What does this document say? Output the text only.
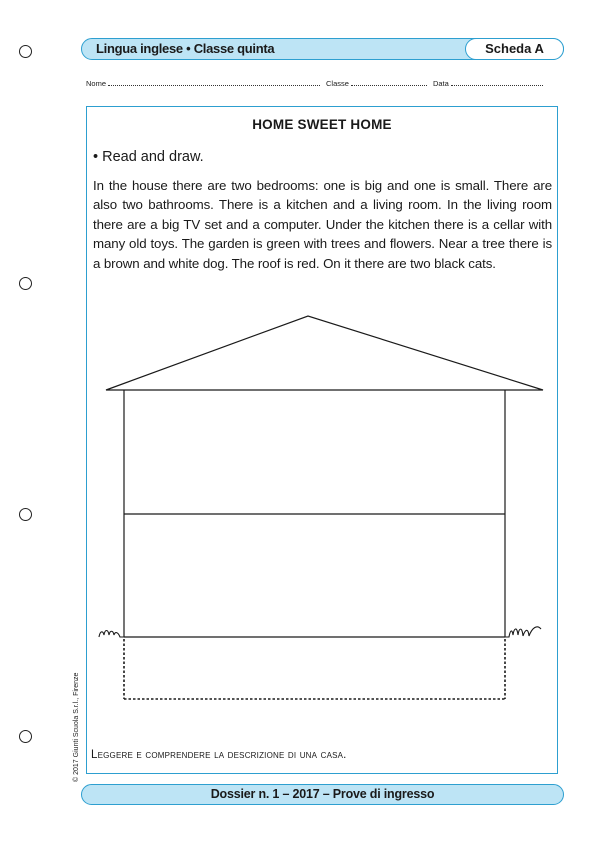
Lingua inglese • Classe quinta	Scheda A
Nome	Classe	Data
HOME SWEET HOME
• Read and draw.
In the house there are two bedrooms: one is big and one is small. There are also two bathrooms. There is a kitchen and a living room. In the living room there are a big TV set and a computer. Under the kitchen there is a cellar with many old toys. The garden is green with trees and flowers. Near a tree there is a brown and white dog. The roof is red. On it there are two black cats.
Leggere e comprendere la descrizione di una casa.
© 2017 Giunti Scuola S.r.l., Firenze
Dossier n. 1 – 2017 – Prove di ingresso
